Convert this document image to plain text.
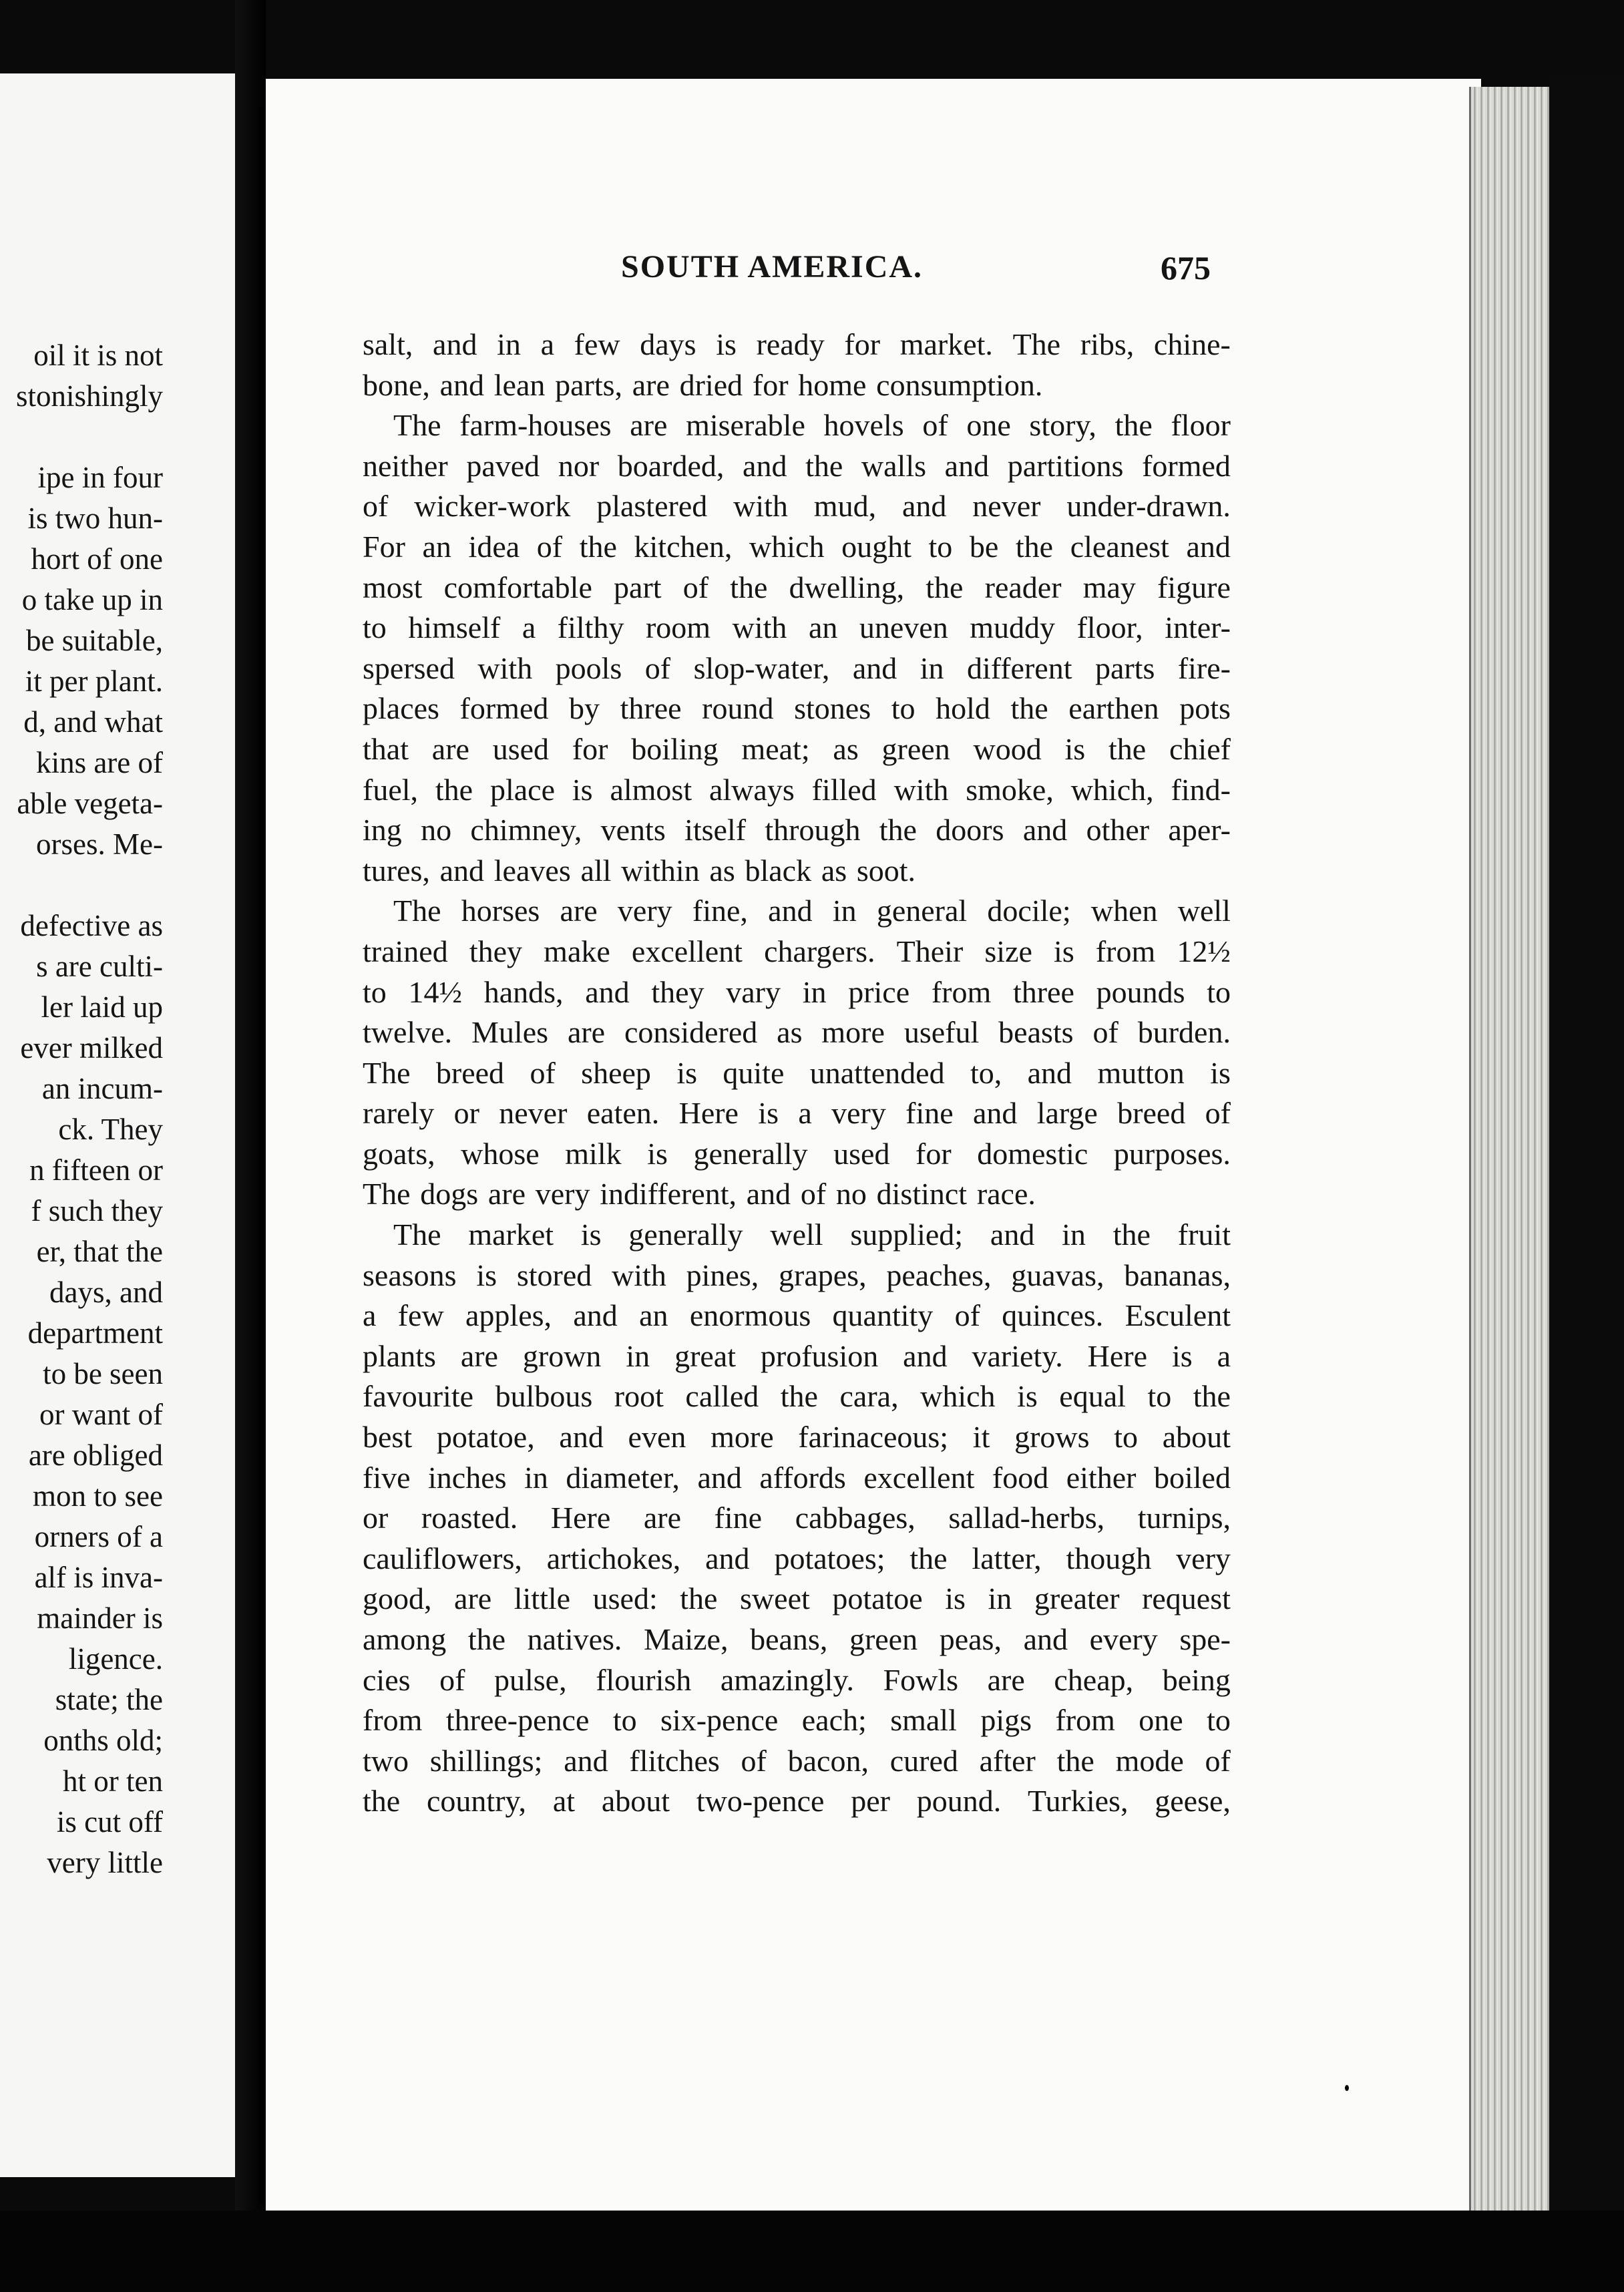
oil it is not
stonishingly

ipe in four
is two hun-
hort of one
o take up in
be suitable,
it per plant.
d, and what
kins are of
able vegeta-
orses. Me-

defective as
s are culti-
ler laid up
ever milked
an incum-
ck. They
n fifteen or
f such they
er, that the
days, and
department
to be seen
or want of
are obliged
mon to see
orners of a
alf is inva-
mainder is
ligence.
state; the
onths old;
ht or ten
is cut off
very little
SOUTH AMERICA.	675
salt, and in a few days is ready for market. The ribs, chine-
bone, and lean parts, are dried for home consumption.
The farm-houses are miserable hovels of one story, the floor
neither paved nor boarded, and the walls and partitions formed
of wicker-work plastered with mud, and never under-drawn.
For an idea of the kitchen, which ought to be the cleanest and
most comfortable part of the dwelling, the reader may figure
to himself a filthy room with an uneven muddy floor, inter-
spersed with pools of slop-water, and in different parts fire-
places formed by three round stones to hold the earthen pots
that are used for boiling meat; as green wood is the chief
fuel, the place is almost always filled with smoke, which, find-
ing no chimney, vents itself through the doors and other aper-
tures, and leaves all within as black as soot.
The horses are very fine, and in general docile; when well
trained they make excellent chargers. Their size is from 12½
to 14½ hands, and they vary in price from three pounds to
twelve. Mules are considered as more useful beasts of burden.
The breed of sheep is quite unattended to, and mutton is
rarely or never eaten. Here is a very fine and large breed of
goats, whose milk is generally used for domestic purposes.
The dogs are very indifferent, and of no distinct race.
The market is generally well supplied; and in the fruit
seasons is stored with pines, grapes, peaches, guavas, bananas,
a few apples, and an enormous quantity of quinces. Esculent
plants are grown in great profusion and variety. Here is a
favourite bulbous root called the cara, which is equal to the
best potatoe, and even more farinaceous; it grows to about
five inches in diameter, and affords excellent food either boiled
or roasted. Here are fine cabbages, sallad-herbs, turnips,
cauliflowers, artichokes, and potatoes; the latter, though very
good, are little used: the sweet potatoe is in greater request
among the natives. Maize, beans, green peas, and every spe-
cies of pulse, flourish amazingly. Fowls are cheap, being
from three-pence to six-pence each; small pigs from one to
two shillings; and flitches of bacon, cured after the mode of
the country, at about two-pence per pound. Turkies, geese,
